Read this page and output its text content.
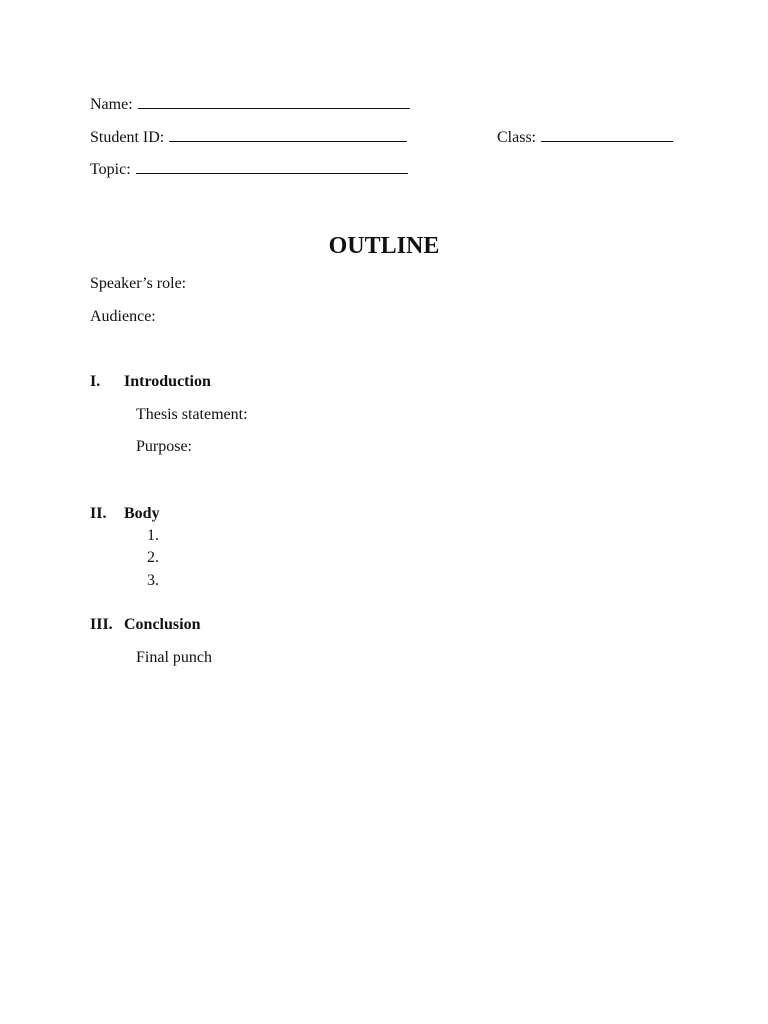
Name:
Student ID:	Class:
Topic:
OUTLINE
Speaker’s role:
Audience:
I. Introduction
Thesis statement:
Purpose:
II. Body
1.
2.
3.
III. Conclusion
Final punch
